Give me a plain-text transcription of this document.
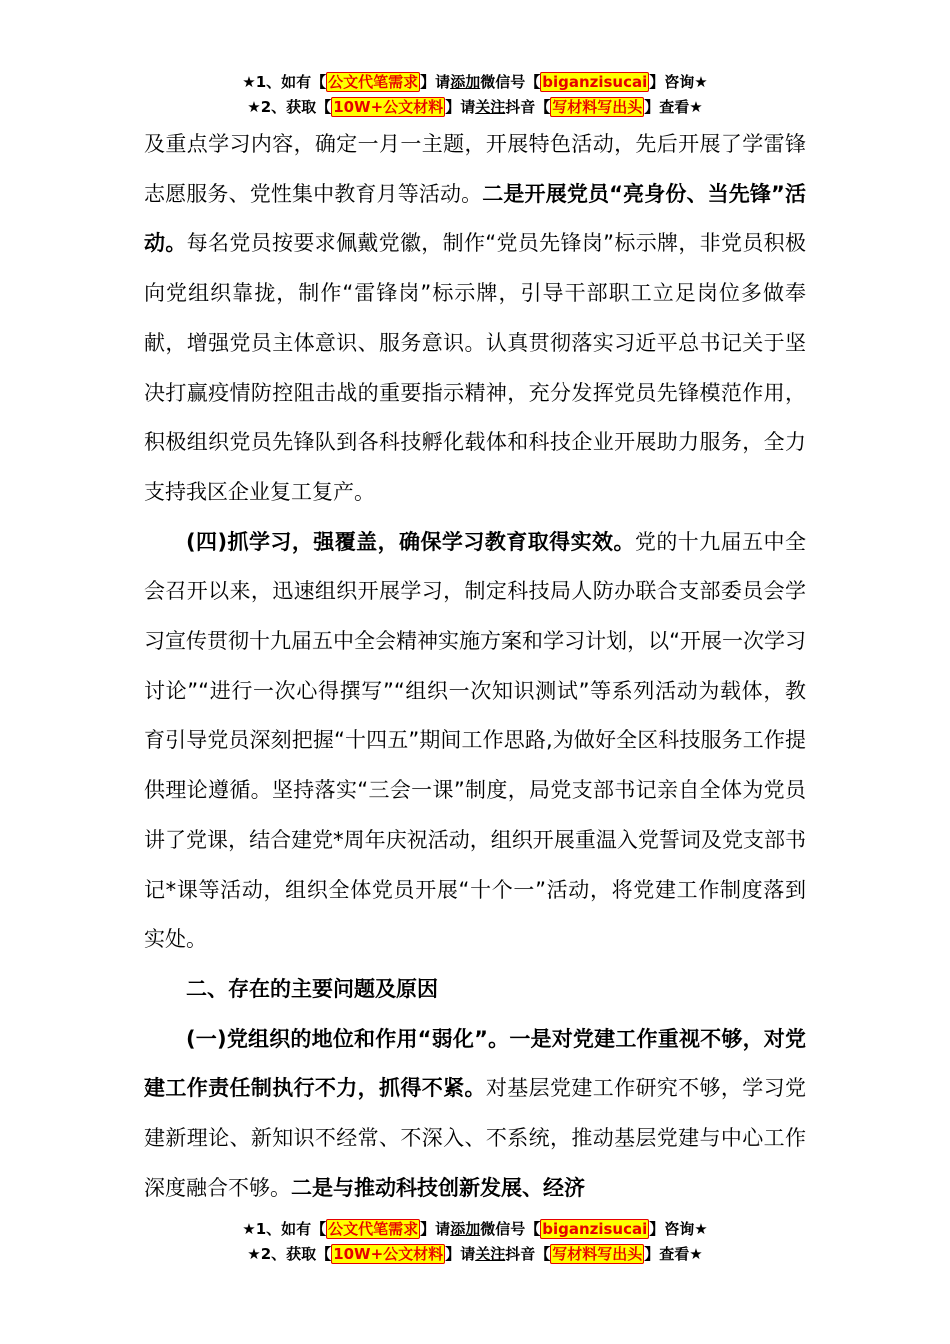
★1、如有【 公文代笔需求 】请添加微信号【 biganzisucai 】咨询★
★2、获取【 10W+公文材料 】请关注抖音【 写材料写出头 】查看★

及重点学习内容，确定一月一主题，开展特色活动，先后开展了学雷锋志愿服务、党性集中教育月等活动。二是开展党员“亮身份、当先锋”活动。每名党员按要求佩戴党徽，制作“党员先锋岗”标示牌，非党员积极向党组织靠拢，制作“雷锋岗”标示牌，引导干部职工立足岗位多做奉献，增强党员主体意识、服务意识。认真贯彻落实习近平总书记关于坚决打赢疫情防控阻击战的重要指示精神，充分发挥党员先锋模范作用，积极组织党员先锋队到各科技孵化载体和科技企业开展助力服务，全力支持我区企业复工复产。

(四)抓学习，强覆盖，确保学习教育取得实效。党的十九届五中全会召开以来，迅速组织开展学习，制定科技局人防办联合支部委员会学习宣传贯彻十九届五中全会精神实施方案和学习计划，以“开展一次学习讨论”“进行一次心得撰写”“组织一次知识测试”等系列活动为载体，教育引导党员深刻把握“十四五”期间工作思路,为做好全区科技服务工作提供理论遵循。坚持落实“三会一课”制度，局党支部书记亲自全体为党员讲了党课，结合建党*周年庆祝活动，组织开展重温入党誓词及党支部书记*课等活动，组织全体党员开展“十个一”活动，将党建工作制度落到实处。

二、存在的主要问题及原因

(一)党组织的地位和作用“弱化”。一是对党建工作重视不够，对党建工作责任制执行不力，抓得不紧。对基层党建工作研究不够，学习党建新理论、新知识不经常、不深入、不系统，推动基层党建与中心工作深度融合不够。二是与推动科技创新发展、经济

★1、如有【 公文代笔需求 】请添加微信号【 biganzisucai 】咨询★
★2、获取【 10W+公文材料 】请关注抖音【 写材料写出头 】查看★
